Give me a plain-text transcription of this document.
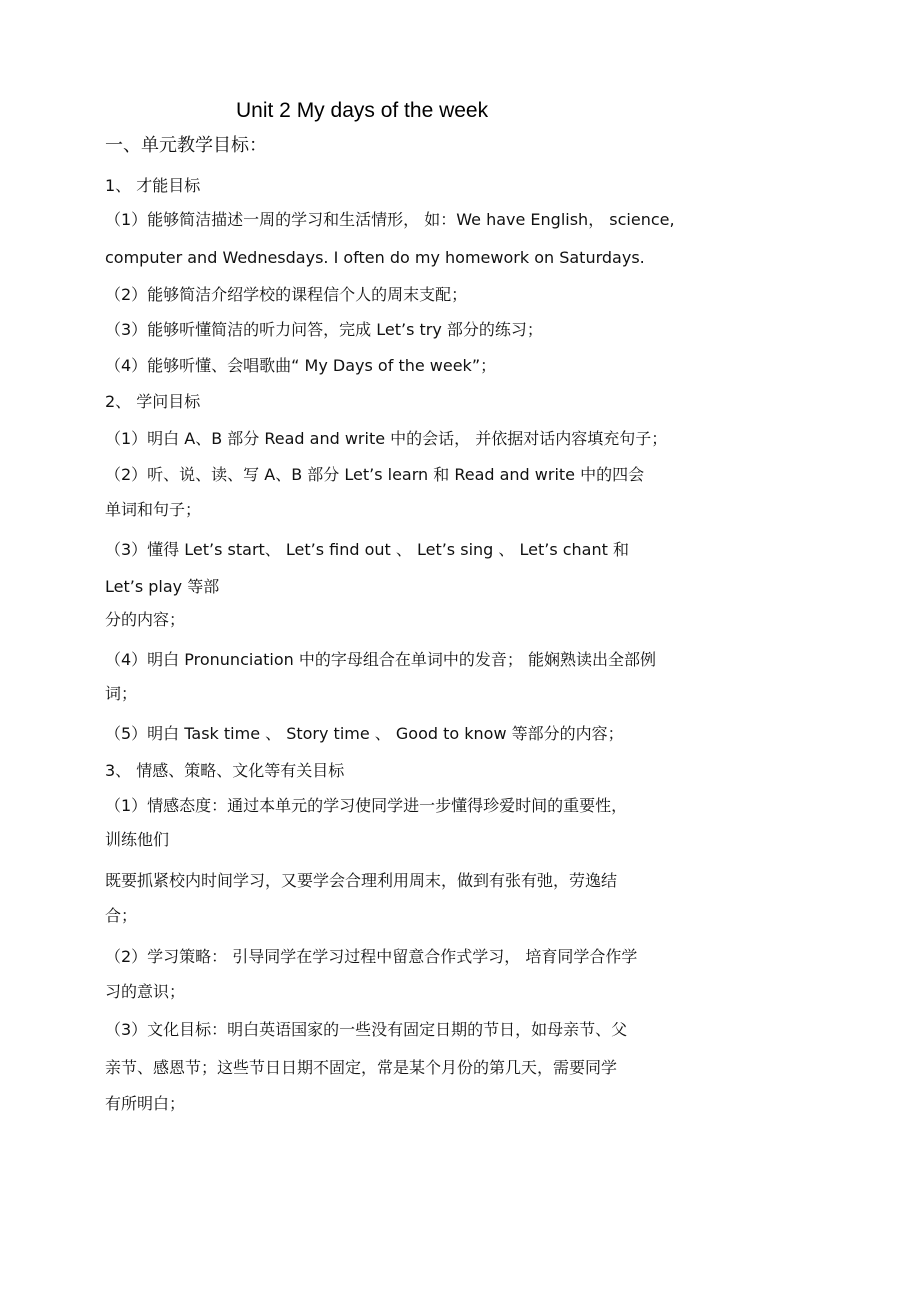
Unit 2 My days of the week
一、单元教学目标：
1、 才能目标
（1）能够简洁描述一周的学习和生活情形， 如：We have English， science,
computer and Wednesdays. I often do my homework on Saturdays.
（2）能够简洁介绍学校的课程信个人的周末支配；
（3）能够听懂简洁的听力问答，完成 Let’s try 部分的练习；
（4）能够听懂、会唱歌曲“ My Days of the week”；
2、 学问目标
（1）明白 A、B 部分 Read and write 中的会话， 并依据对话内容填充句子；
（2）听、说、读、写 A、B 部分 Let’s learn 和 Read and write 中的四会
单词和句子；
（3）懂得 Let’s start、 Let’s find out 、 Let’s sing 、 Let’s chant 和
Let’s play 等部
分的内容；
（4）明白 Pronunciation 中的字母组合在单词中的发音； 能娴熟读出全部例
词；
（5）明白 Task time 、 Story time 、 Good to know 等部分的内容；
3、 情感、策略、文化等有关目标
（1）情感态度：通过本单元的学习使同学进一步懂得珍爱时间的重要性，
训练他们
既要抓紧校内时间学习，又要学会合理利用周末，做到有张有弛，劳逸结
合；
（2）学习策略： 引导同学在学习过程中留意合作式学习， 培育同学合作学
习的意识；
（3）文化目标：明白英语国家的一些没有固定日期的节日，如母亲节、父
亲节、感恩节；这些节日日期不固定，常是某个月份的第几天，需要同学
有所明白；
